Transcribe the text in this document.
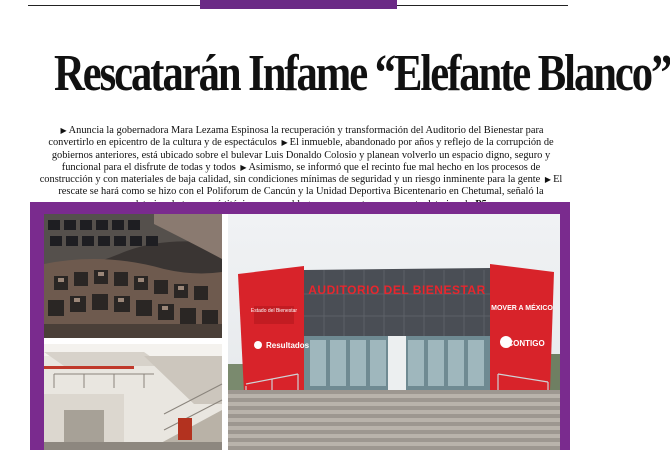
Rescatarán Infame “Elefante Blanco”
▶ Anuncia la gobernadora Mara Lezama Espinosa la recuperación y transformación del Auditorio del Bienestar para convertirlo en epicentro de la cultura y de espectáculos ▶ El inmueble, abandonado por años y reflejo de la corrupción de gobiernos anteriores, está ubicado sobre el bulevar Luis Donaldo Colosio y planean volverlo un espacio digno, seguro y funcional para el disfrute de todas y todos ▶ Asimismo, se informó que el recinto fue mal hecho en los procesos de construcción y con materiales de baja calidad, sin condiciones mínimas de seguridad y un riesgo inminente para la gente ▶ El rescate se hará como se hizo con el Poliforum de Cancún y la Unidad Deportiva Bicentenario en Chetumal, señaló la
AUDITORIO DEL BIENESTAR
Estado del Bienestar
Resultados
MOVER A MÉXICO
CONTIGO
